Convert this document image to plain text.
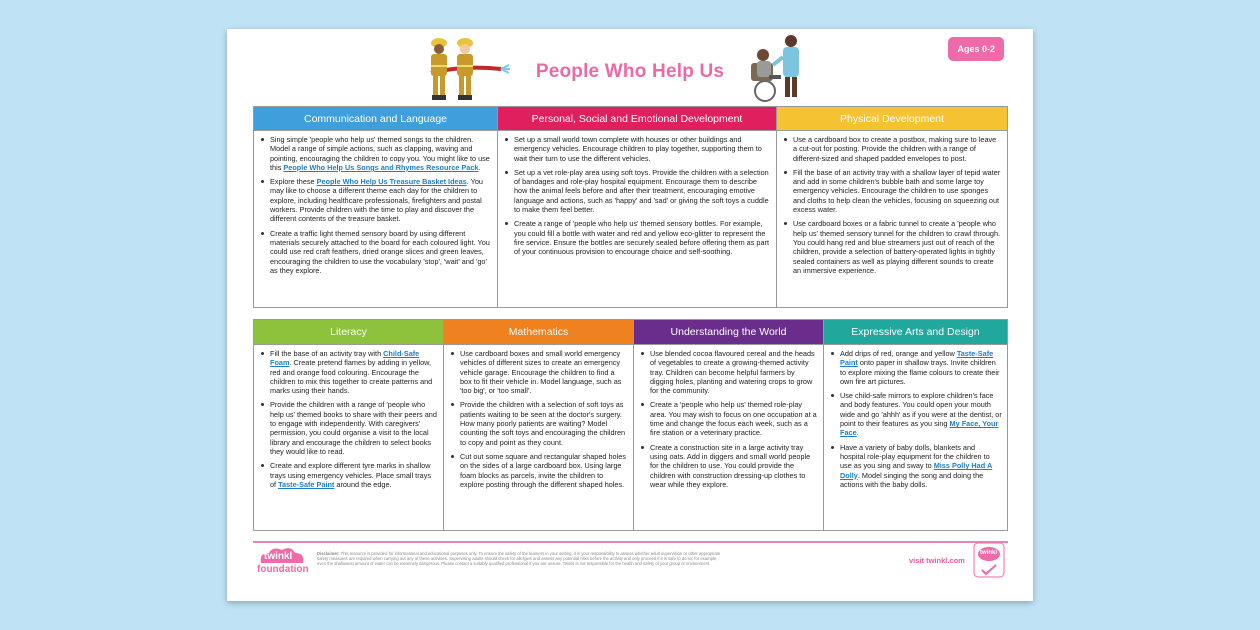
People Who Help Us
Ages 0-2
Communication and Language
Sing simple 'people who help us' themed songs to the children. Model a range of simple actions, such as clapping, waving and pointing, encouraging the children to copy you. You might like to use this People Who Help Us Songs and Rhymes Resource Pack.
Explore these People Who Help Us Treasure Basket Ideas. You may like to choose a different theme each day for the children to explore, including healthcare professionals, firefighters and postal workers. Provide children with the time to play and discover the different contents of the treasure basket.
Create a traffic light themed sensory board by using different materials securely attached to the board for each coloured light. You could use red craft feathers, dried orange slices and green leaves, encouraging the children to use the vocabulary 'stop', 'wait' and 'go' as they explore.
Personal, Social and Emotional Development
Set up a small world town complete with houses or other buildings and emergency vehicles. Encourage children to play together, supporting them to wait their turn to use the different vehicles.
Set up a vet role-play area using soft toys. Provide the children with a selection of bandages and role-play hospital equipment. Encourage them to describe how the animal feels before and after their treatment, encouraging emotive language and actions, such as 'happy' and 'sad' or giving the soft toys a cuddle to make them feel better.
Create a range of 'people who help us' themed sensory bottles. For example, you could fill a bottle with water and red and yellow eco-glitter to represent the fire service. Ensure the bottles are securely sealed before offering them as part of your continuous provision to encourage choice and self-soothing.
Physical Development
Use a cardboard box to create a postbox, making sure to leave a cut-out for posting. Provide the children with a range of different-sized and shaped padded envelopes to post.
Fill the base of an activity tray with a shallow layer of tepid water and add in some children's bubble bath and some large toy emergency vehicles. Encourage the children to use sponges and cloths to help clean the vehicles, focusing on squeezing out excess water.
Use cardboard boxes or a fabric tunnel to create a 'people who help us' themed sensory tunnel for the children to crawl through. You could hang red and blue streamers just out of reach of the children, provide a selection of battery-operated lights in tightly sealed containers as well as playing different sounds to create an immersive experience.
Literacy
Fill the base of an activity tray with Child-Safe Foam. Create pretend flames by adding in yellow, red and orange food colouring. Encourage the children to mix this together to create patterns and marks using their hands.
Provide the children with a range of 'people who help us' themed books to share with their peers and to engage with independently. With caregivers' permission, you could organise a visit to the local library and encourage the children to select books they would like to read.
Create and explore different tyre marks in shallow trays using emergency vehicles. Place small trays of Taste-Safe Paint around the edge.
Mathematics
Use cardboard boxes and small world emergency vehicles of different sizes to create an emergency vehicle garage. Encourage the children to find a box to fit their vehicle in. Model language, such as 'too big', or 'too small'.
Provide the children with a selection of soft toys as patients waiting to be seen at the doctor's surgery. How many poorly patients are waiting? Model counting the soft toys and encouraging the children to copy and point as they count.
Cut out some square and rectangular shaped holes on the sides of a large cardboard box. Using large foam blocks as parcels, invite the children to explore posting through the different shaped holes.
Understanding the World
Use blended cocoa flavoured cereal and the heads of vegetables to create a growing-themed activity tray. Children can become helpful farmers by digging holes, planting and watering crops to grow for the community.
Create a 'people who help us' themed role-play area. You may wish to focus on one occupation at a time and change the focus each week, such as a fire station or a veterinary practice.
Create a construction site in a large activity tray using oats. Add in diggers and small world people for the children to use. You could provide the children with construction dressing-up clothes to wear while they explore.
Expressive Arts and Design
Add drips of red, orange and yellow Taste-Safe Paint onto paper in shallow trays. Invite children to explore mixing the flame colours to create their own fire art pictures.
Use child-safe mirrors to explore children's face and body features. You could open your mouth wide and go 'ahhh' as if you were at the dentist, or point to their features as you sing My Face, Your Face.
Have a variety of baby dolls, blankets and hospital role-play equipment for the children to use as you sing and sway to Miss Polly Had A Dolly. Model singing the song and doing the actions with the baby dolls.
twinkl
foundation
Disclaimer: This resource is provided for informational and educational purposes only. To ensure the safety of the learners in your setting, it is your responsibility to assess whether adult supervision or other appropriate safety measures are required when carrying out any of these activities. Supervising adults should check for allergies and assess any potential risks before the activity and only proceed if it is safe to do so; for example, even the shallowest amount of water can be extremely dangerous. Please contact a suitably qualified professional if you are unsure. Twinkl is not responsible for the health and safety of your group or environment.	visit twinkl.com
twinkl
